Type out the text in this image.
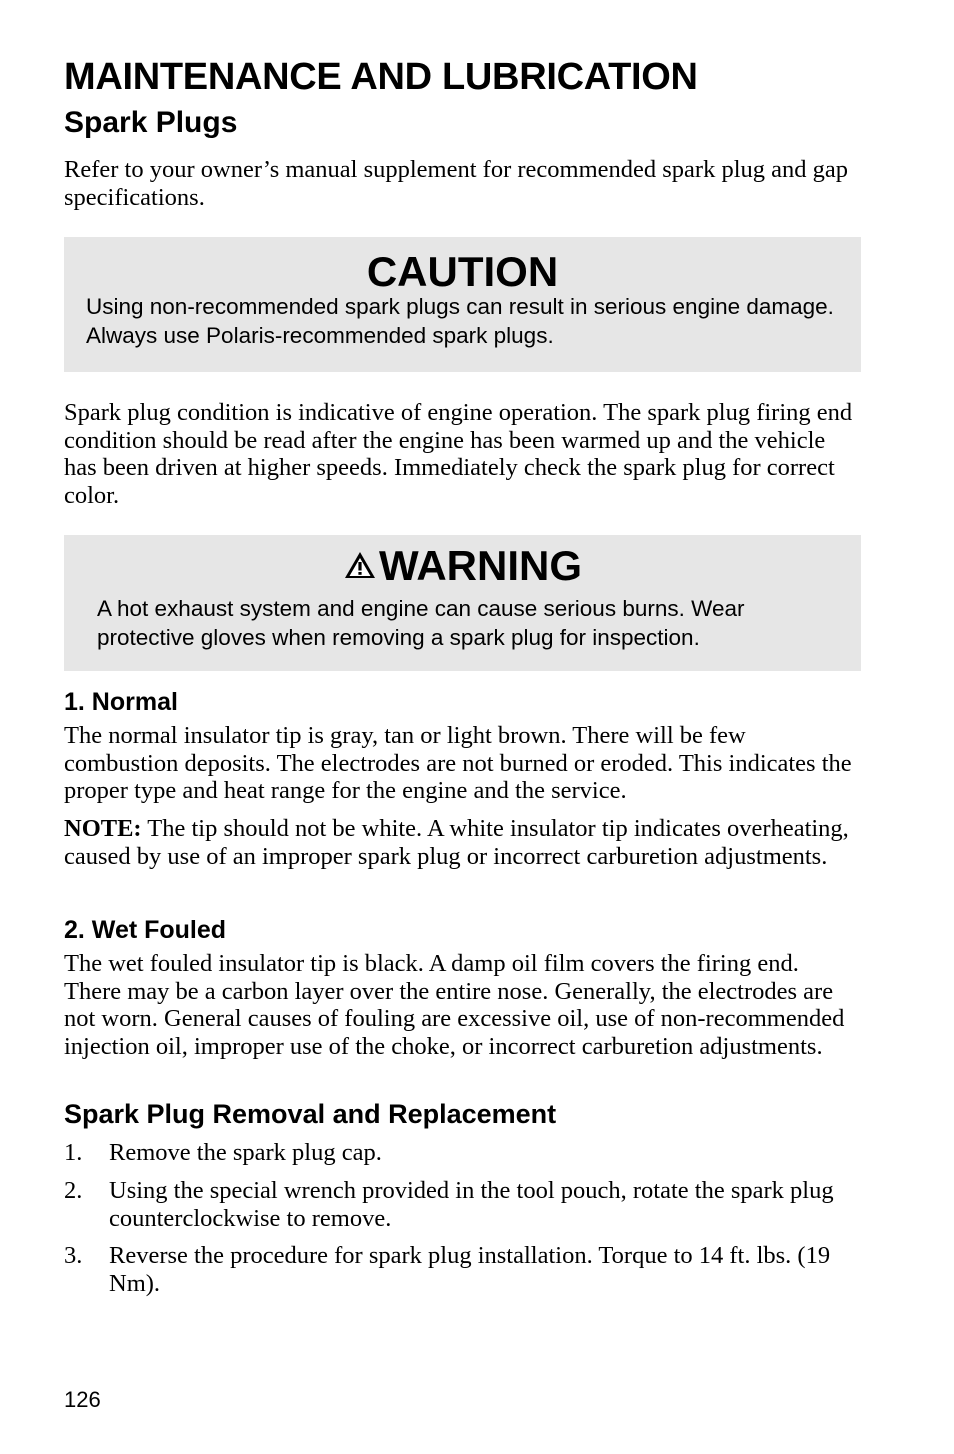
MAINTENANCE AND LUBRICATION
Spark Plugs

Refer to your owner’s manual supplement for recommended spark plug and gap specifications.

CAUTION

Using non-recommended spark plugs can result in serious engine damage. Always use Polaris-recommended spark plugs.

Spark plug condition is indicative of engine operation. The spark plug firing end condition should be read after the engine has been warmed up and the vehicle has been driven at higher speeds. Immediately check the spark plug for correct color.

WARNING

A hot exhaust system and engine can cause serious burns. Wear protective gloves when removing a spark plug for inspection.

1. Normal

The normal insulator tip is gray, tan or light brown. There will be few combustion deposits. The electrodes are not burned or eroded. This indicates the proper type and heat range for the engine and the service.

NOTE: The tip should not be white. A white insulator tip indicates overheating, caused by use of an improper spark plug or incorrect carburetion adjustments.

2. Wet Fouled

The wet fouled insulator tip is black. A damp oil film covers the firing end. There may be a carbon layer over the entire nose. Generally, the electrodes are not worn. General causes of fouling are excessive oil, use of non-recommended injection oil, improper use of the choke, or incorrect carburetion adjustments.

Spark Plug Removal and Replacement
1. Remove the spark plug cap.
2. Using the special wrench provided in the tool pouch, rotate the spark plug counterclockwise to remove.
3. Reverse the procedure for spark plug installation. Torque to 14 ft. lbs. (19 Nm).
126
